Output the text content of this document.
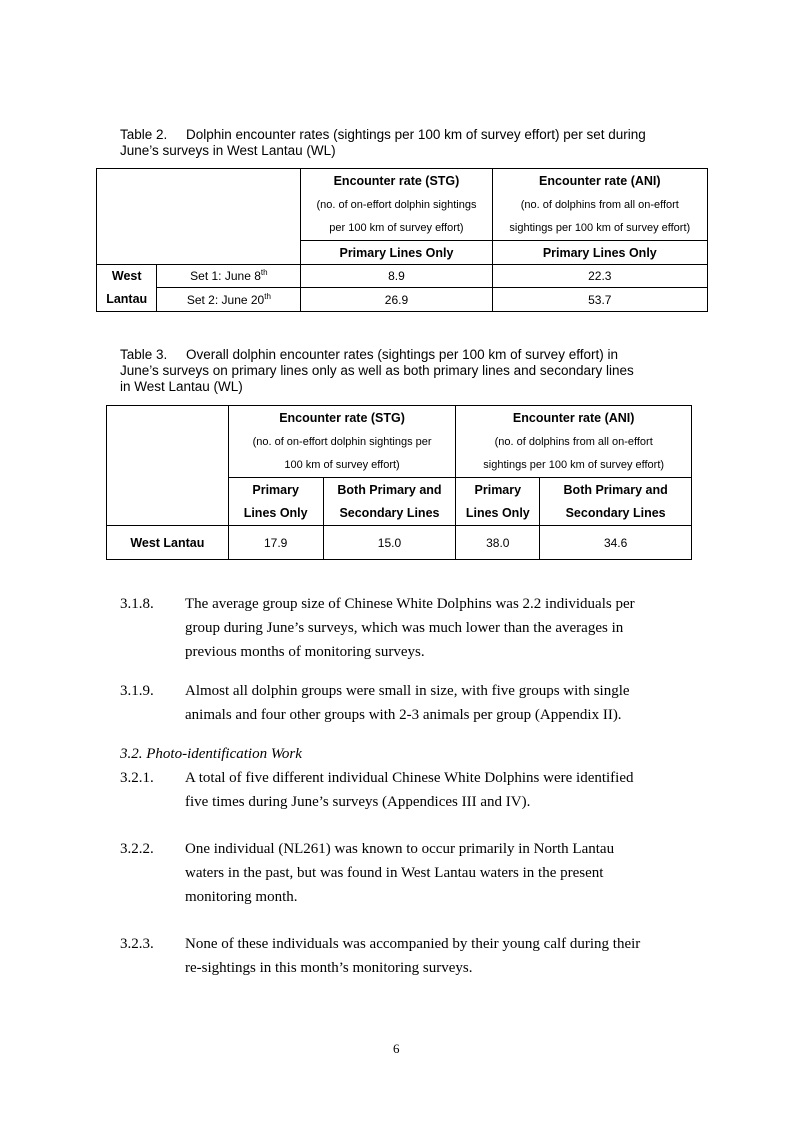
Table 2. Dolphin encounter rates (sightings per 100 km of survey effort) per set during
June’s surveys in West Lantau (WL)
		Encounter rate (STG)	Encounter rate (ANI)
		(no. of on-effort dolphin sightings	(no. of dolphins from all on-effort
		per 100 km of survey effort)	sightings per 100 km of survey effort)
		Primary Lines Only	Primary Lines Only
West	Set 1: June 8th	8.9	22.3
Lantau	Set 2: June 20th	26.9	53.7
Table 3. Overall dolphin encounter rates (sightings per 100 km of survey effort) in
June’s surveys on primary lines only as well as both primary lines and secondary lines
in West Lantau (WL)
	Encounter rate (STG)		Encounter rate (ANI)	
	(no. of on-effort dolphin sightings per		(no. of dolphins from all on-effort	
	100 km of survey effort)		sightings per 100 km of survey effort)	
	Primary	Both Primary and	Primary	Both Primary and
	Lines Only	Secondary Lines	Lines Only	Secondary Lines
West Lantau	17.9	15.0	38.0	34.6
3.1.8. The average group size of Chinese White Dolphins was 2.2 individuals per
group during June’s surveys, which was much lower than the averages in
previous months of monitoring surveys.
3.1.9. Almost all dolphin groups were small in size, with five groups with single
animals and four other groups with 2-3 animals per group (Appendix II).
3.2. Photo-identification Work
3.2.1. A total of five different individual Chinese White Dolphins were identified
five times during June’s surveys (Appendices III and IV).
3.2.2. One individual (NL261) was known to occur primarily in North Lantau
waters in the past, but was found in West Lantau waters in the present
monitoring month.
3.2.3. None of these individuals was accompanied by their young calf during their
re-sightings in this month’s monitoring surveys.
6
